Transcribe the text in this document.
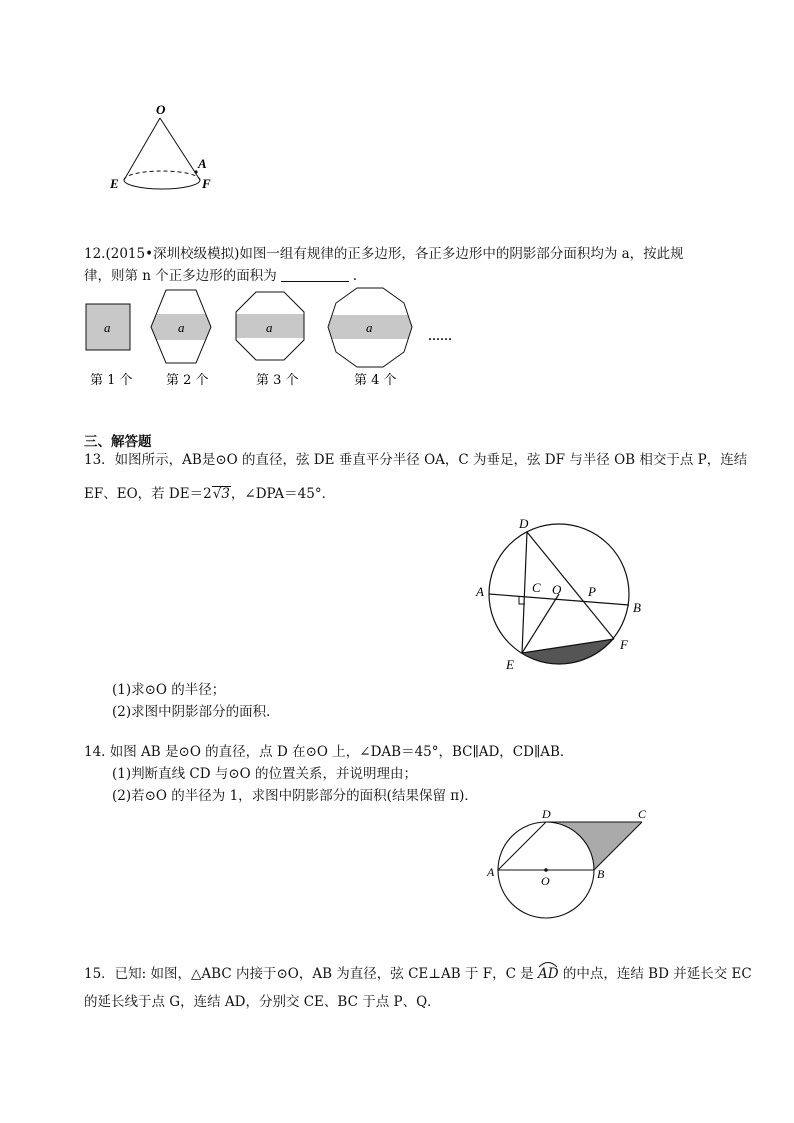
O
A
E	F
12.(2015•深圳校级模拟)如图一组有规律的正多边形，各正多边形中的阴影部分面积均为 a，按此规
律，则第 n 个正多边形的面积为	.
a	a	a	a
……
第 1 个	第 2 个	第 3 个	第 4 个
三、解答题
13．如图所示，AB是⊙O 的直径，弦 DE 垂直平分半径 OA，C 为垂足，弦 DF 与半径 OB 相交于点 P，连结
EF、EO，若 DE＝2√3，∠DPA＝45°．
D
A	C O P
B
E
F
(1)求⊙O 的半径；
(2)求图中阴影部分的面积．
14. 如图 AB 是⊙O 的直径，点 D 在⊙O 上，∠DAB＝45°，BC∥AD，CD∥AB．
(1)判断直线 CD 与⊙O 的位置关系，并说明理由；
(2)若⊙O 的半径为 1，求图中阴影部分的面积(结果保留 π)．
D	C
A
O	B
15．已知: 如图，△ABC 内接于⊙O，AB 为直径，弦 CE⊥AB 于 F，C 是 AD 的中点，连结 BD 并延长交 EC
的延长线于点 G，连结 AD，分别交 CE、BC 于点 P、Q．
